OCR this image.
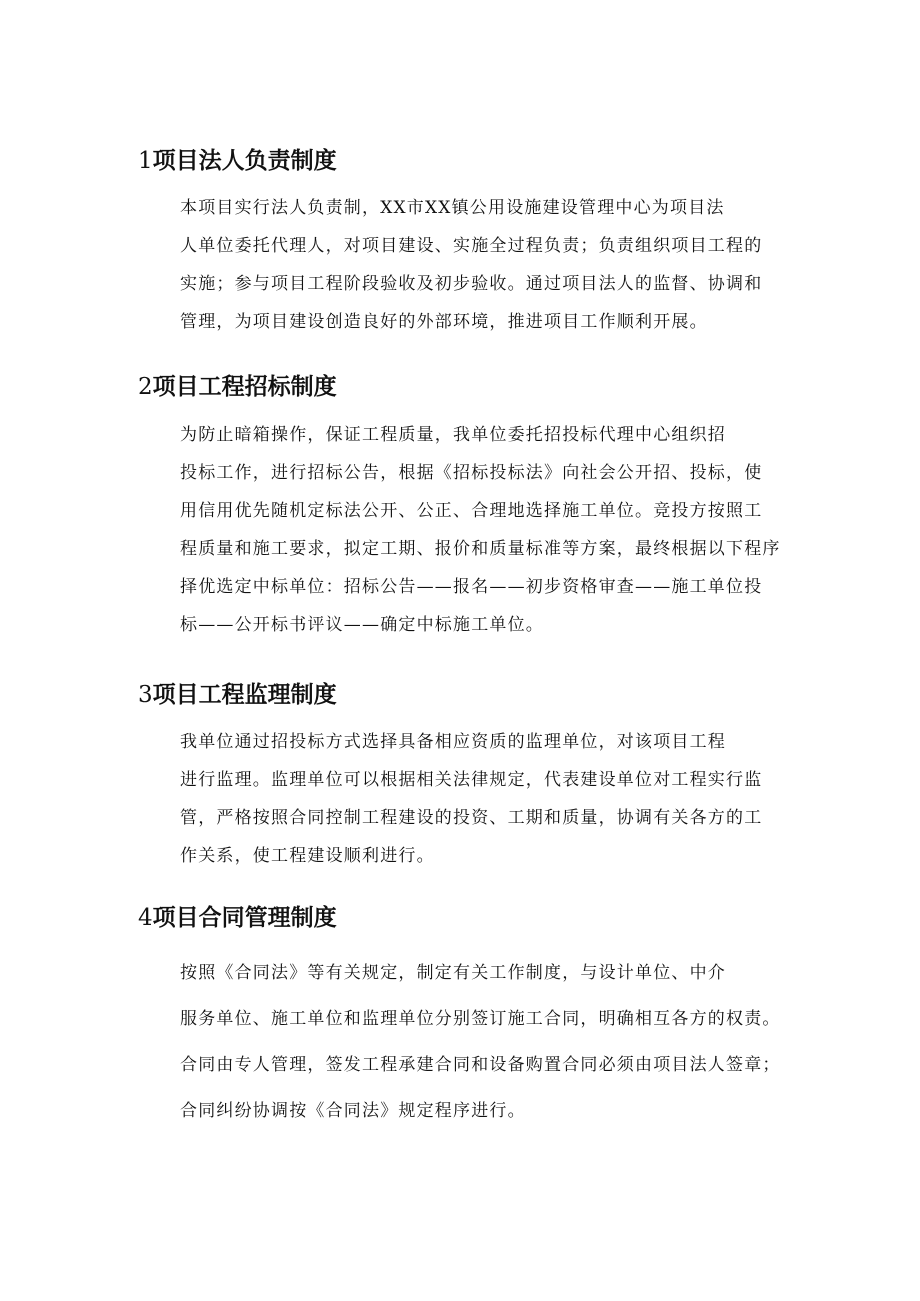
1项目法人负责制度

本项目实行法人负责制，XX市XX镇公用设施建设管理中心为项目法
人单位委托代理人，对项目建设、实施全过程负责；负责组织项目工程的
实施；参与项目工程阶段验收及初步验收。通过项目法人的监督、协调和
管理，为项目建设创造良好的外部环境，推进项目工作顺利开展。

2项目工程招标制度

为防止暗箱操作，保证工程质量，我单位委托招投标代理中心组织招
投标工作，进行招标公告，根据《招标投标法》向社会公开招、投标，使
用信用优先随机定标法公开、公正、合理地选择施工单位。竞投方按照工
程质量和施工要求，拟定工期、报价和质量标准等方案，最终根据以下程序
择优选定中标单位：招标公告——报名——初步资格审查——施工单位投
标——公开标书评议——确定中标施工单位。

3项目工程监理制度

我单位通过招投标方式选择具备相应资质的监理单位，对该项目工程
进行监理。监理单位可以根据相关法律规定，代表建设单位对工程实行监
管，严格按照合同控制工程建设的投资、工期和质量，协调有关各方的工
作关系，使工程建设顺利进行。

4项目合同管理制度

按照《合同法》等有关规定，制定有关工作制度，与设计单位、中介
服务单位、施工单位和监理单位分别签订施工合同，明确相互各方的权责。
合同由专人管理，签发工程承建合同和设备购置合同必须由项目法人签章；
合同纠纷协调按《合同法》规定程序进行。
